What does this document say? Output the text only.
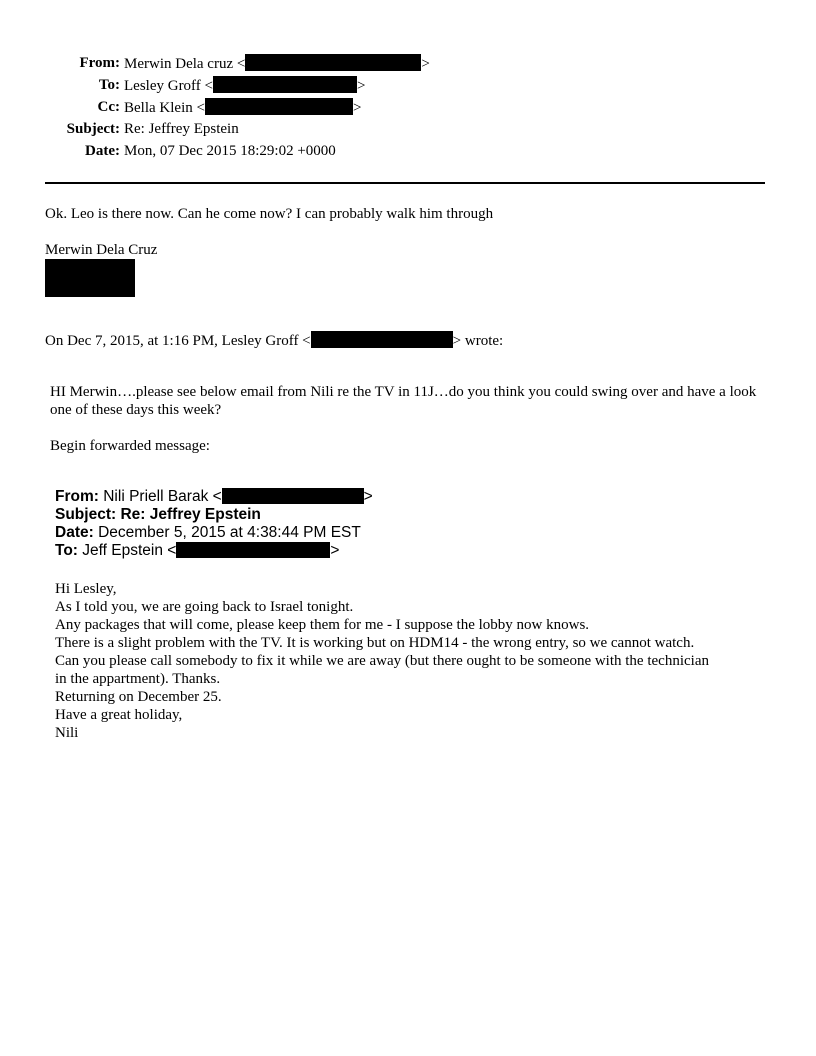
From: Merwin Dela cruz <	>
To: Lesley Groff <	>
Cc: Bella Klein <	>
Subject: Re: Jeffrey Epstein
Date: Mon, 07 Dec 2015 18:29:02 +0000
Ok. Leo is there now. Can he come now? I can probably walk him through
Merwin Dela Cruz
On Dec 7, 2015, at 1:16 PM, Lesley Groff <	> wrote:
HI Merwin….please see below email from Nili re the TV in 11J…do you think you could swing over and have a look one of these days this week?
Begin forwarded message:
From: Nili Priell Barak <	>
Subject: Re: Jeffrey Epstein
Date: December 5, 2015 at 4:38:44 PM EST
To: Jeff Epstein <	>
Hi Lesley,
As I told you, we are going back to Israel tonight.
Any packages that will come, please keep them for me - I suppose the lobby now knows.
There is a slight problem with the TV. It is working but on HDM14 - the wrong entry, so we cannot watch.
Can you please call somebody to fix it while we are away (but there ought to be someone with the technician
in the appartment). Thanks.
Returning on December 25.
Have a great holiday,
Nili
